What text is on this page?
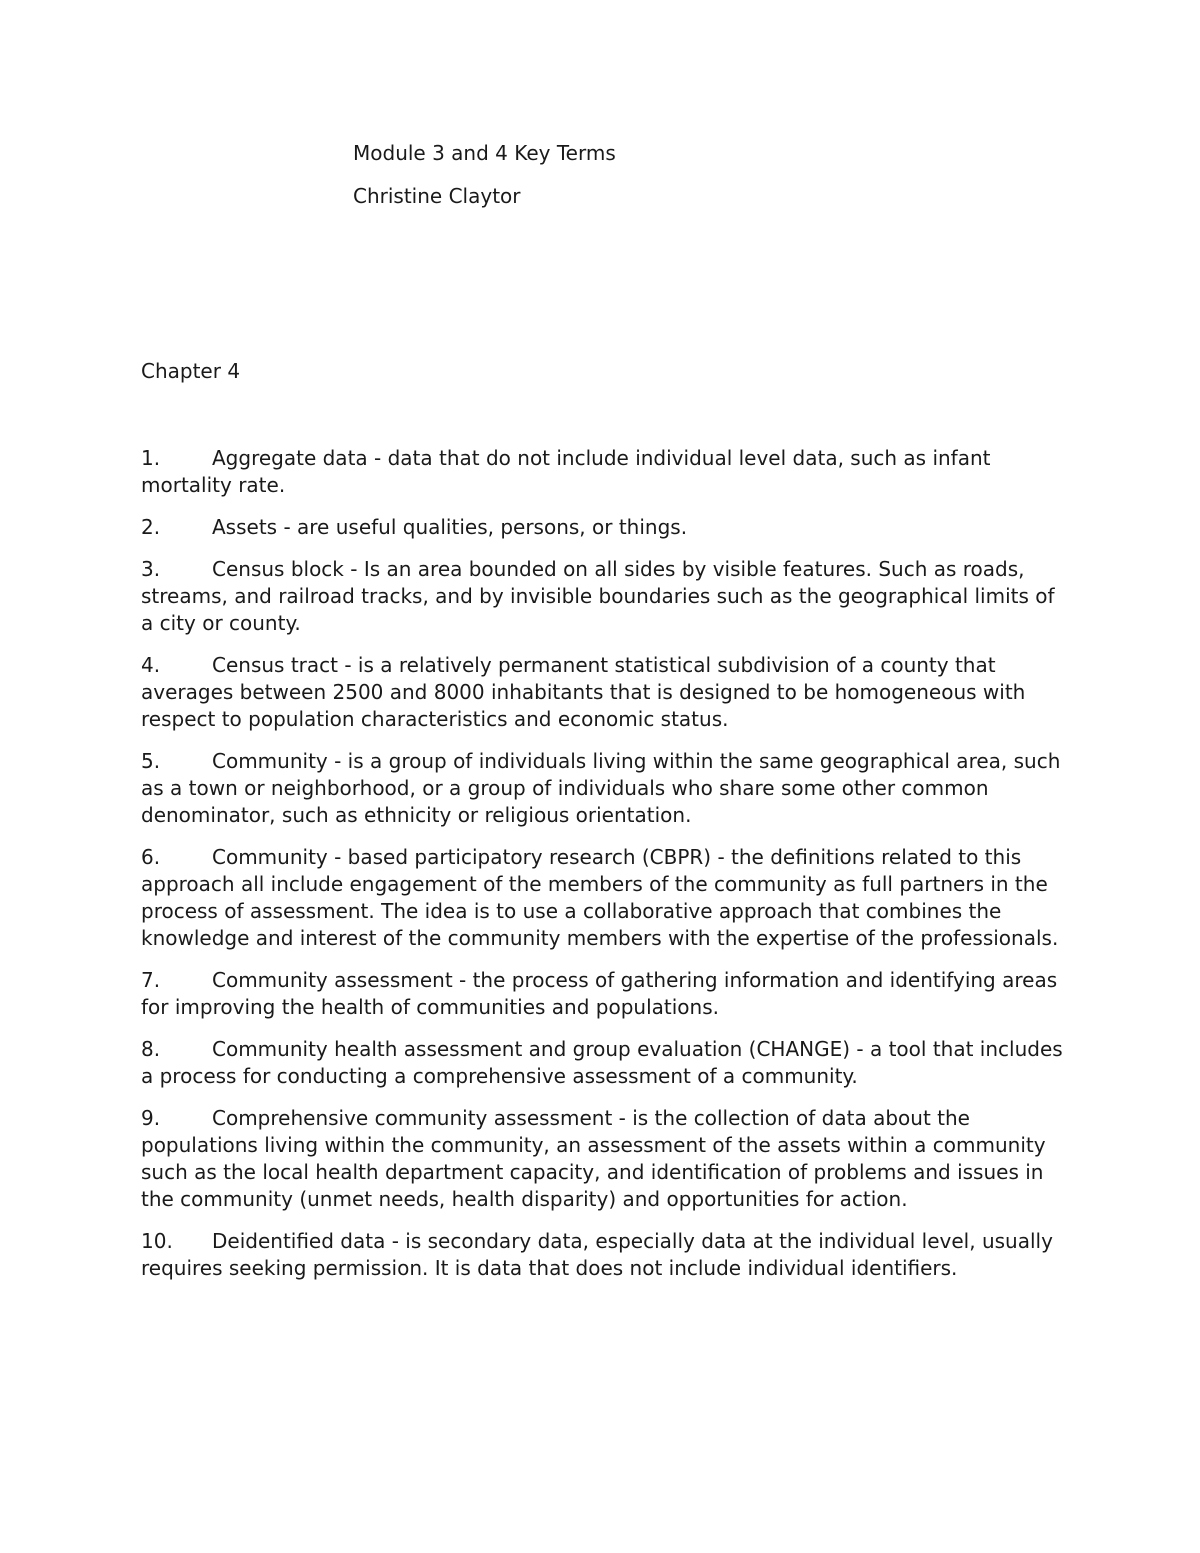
Module 3 and 4 Key Terms

Christine Claytor

Chapter 4

1.	Aggregate data - data that do not include individual level data, such as infant mortality rate.
2.	Assets - are useful qualities, persons, or things.
3.	Census block - Is an area bounded on all sides by visible features. Such as roads, streams, and railroad tracks, and by invisible boundaries such as the geographical limits of a city or county.
4.	Census tract - is a relatively permanent statistical subdivision of a county that averages between 2500 and 8000 inhabitants that is designed to be homogeneous with respect to population characteristics and economic status.
5.	Community - is a group of individuals living within the same geographical area, such as a town or neighborhood, or a group of individuals who share some other common denominator, such as ethnicity or religious orientation.
6.	Community - based participatory research (CBPR) - the definitions related to this approach all include engagement of the members of the community as full partners in the process of assessment. The idea is to use a collaborative approach that combines the knowledge and interest of the community members with the expertise of the professionals.
7.	Community assessment - the process of gathering information and identifying areas for improving the health of communities and populations.
8.	Community health assessment and group evaluation (CHANGE) - a tool that includes a process for conducting a comprehensive assessment of a community.
9.	Comprehensive community assessment - is the collection of data about the populations living within the community, an assessment of the assets within a community such as the local health department capacity, and identification of problems and issues in the community (unmet needs, health disparity) and opportunities for action.
10. Deidentified data - is secondary data, especially data at the individual level, usually requires seeking permission. It is data that does not include individual identifiers.
